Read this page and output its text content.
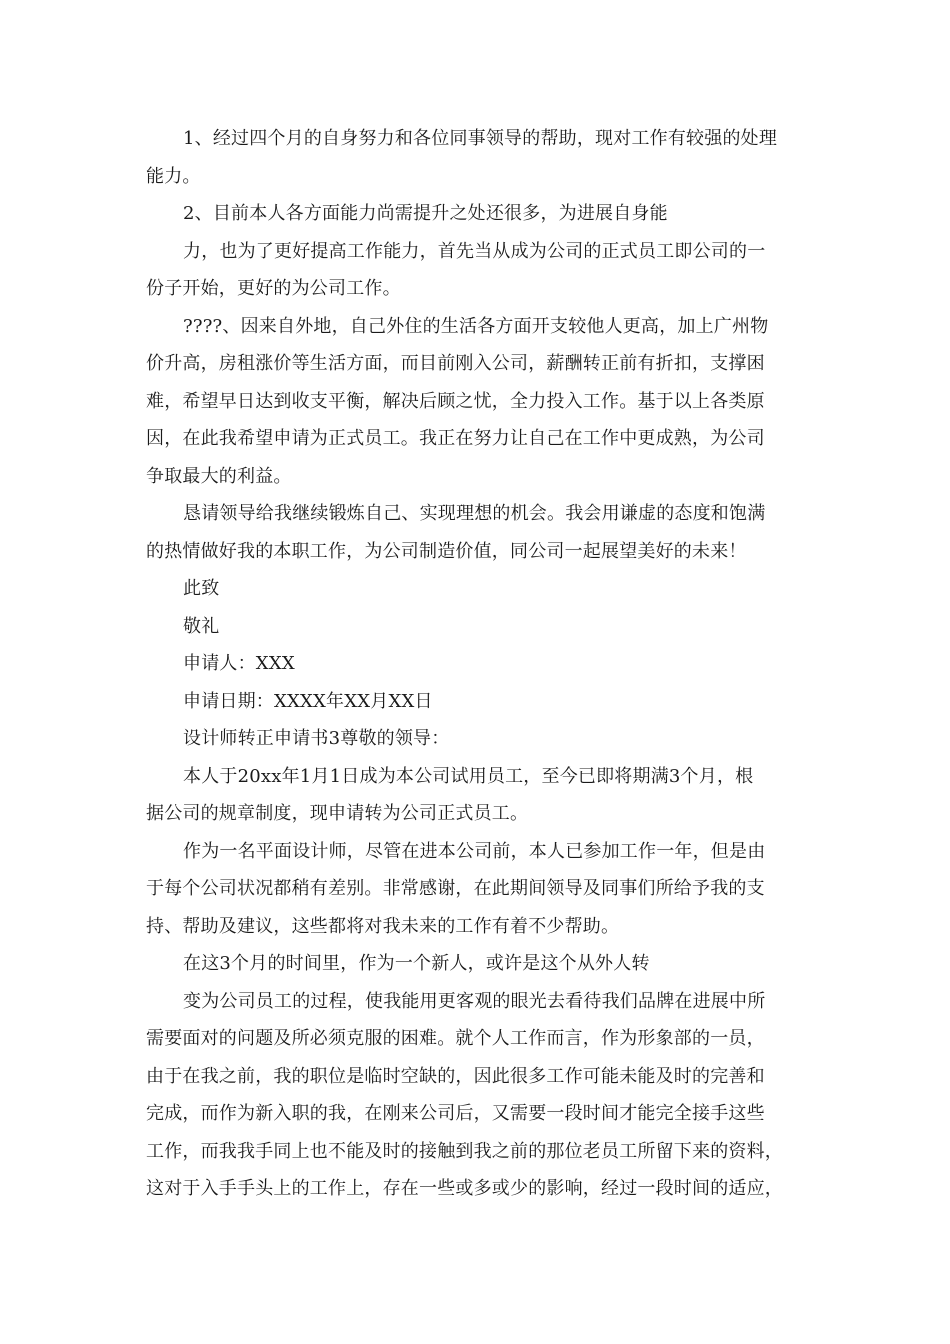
1、经过四个月的自身努力和各位同事领导的帮助，现对工作有较强的处理

能力。

2、目前本人各方面能力尚需提升之处还很多，为进展自身能

力，也为了更好提高工作能力，首先当从成为公司的正式员工即公司的一

份子开始，更好的为公司工作。

????、因来自外地，自己外住的生活各方面开支较他人更高，加上广州物

价升高，房租涨价等生活方面，而目前刚入公司，薪酬转正前有折扣，支撑困

难，希望早日达到收支平衡，解决后顾之忧，全力投入工作。基于以上各类原

因，在此我希望申请为正式员工。我正在努力让自己在工作中更成熟，为公司

争取最大的利益。

恳请领导给我继续锻炼自己、实现理想的机会。我会用谦虚的态度和饱满

的热情做好我的本职工作，为公司制造价值，同公司一起展望美好的未来！

此致

敬礼

申请人：XXX

申请日期：XXXX年XX月XX日

设计师转正申请书3尊敬的领导：

本人于20xx年1月1日成为本公司试用员工，至今已即将期满3个月，根

据公司的规章制度，现申请转为公司正式员工。

作为一名平面设计师，尽管在进本公司前，本人已参加工作一年，但是由

于每个公司状况都稍有差别。非常感谢，在此期间领导及同事们所给予我的支

持、帮助及建议，这些都将对我未来的工作有着不少帮助。

在这3个月的时间里，作为一个新人，或许是这个从外人转

变为公司员工的过程，使我能用更客观的眼光去看待我们品牌在进展中所

需要面对的问题及所必须克服的困难。就个人工作而言，作为形象部的一员，

由于在我之前，我的职位是临时空缺的，因此很多工作可能未能及时的完善和

完成，而作为新入职的我，在刚来公司后，又需要一段时间才能完全接手这些

工作，而我我手同上也不能及时的接触到我之前的那位老员工所留下来的资料，

这对于入手手头上的工作上，存在一些或多或少的影响，经过一段时间的适应，
